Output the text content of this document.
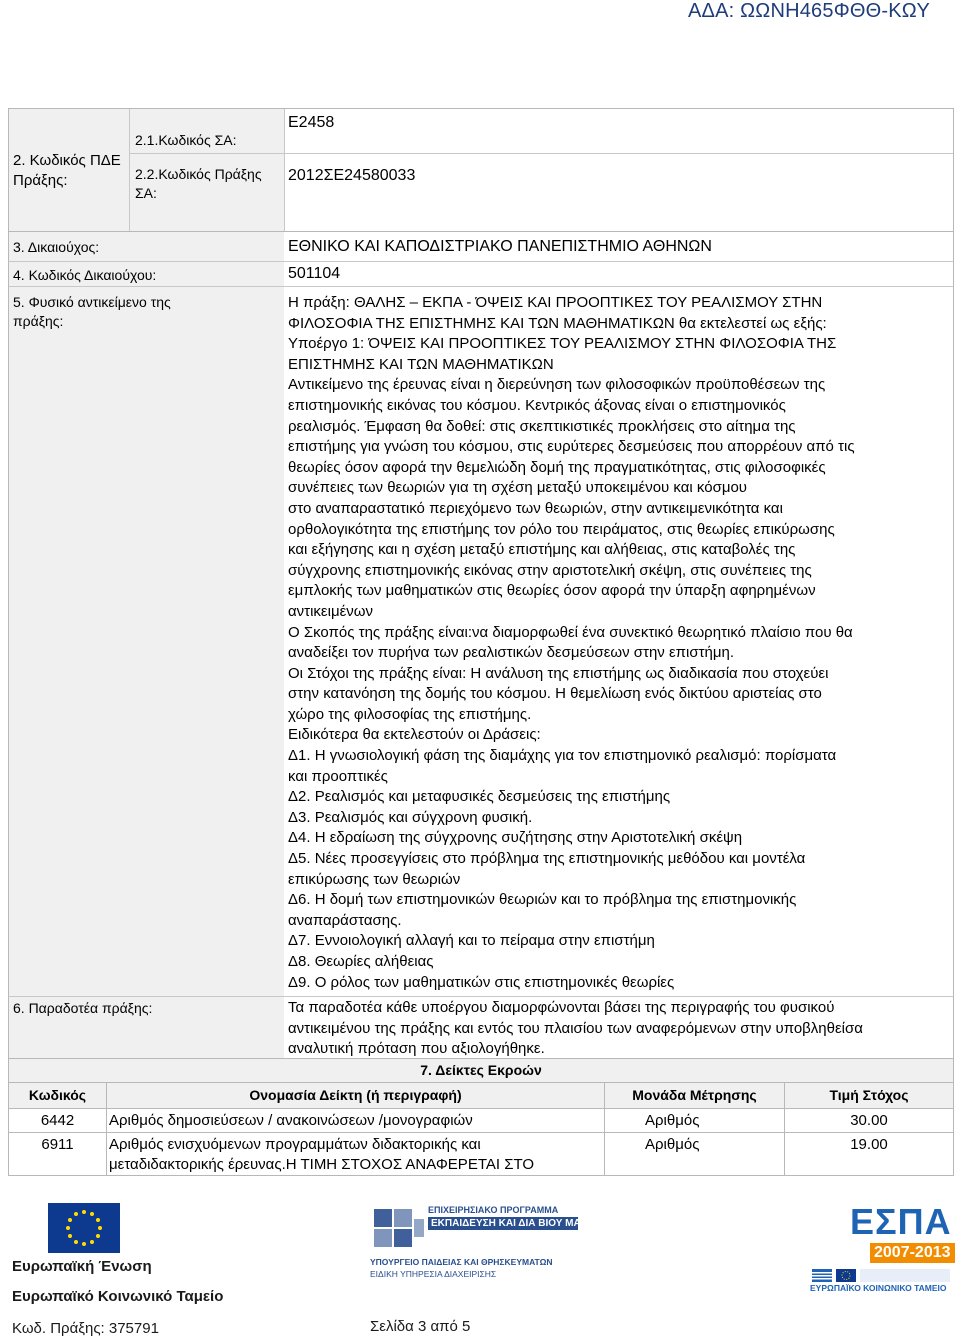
ΑΔΑ: ΩΩΝΗ465ΦΘΘ-ΚΩΥ
2. Κωδικός ΠΔΕ Πράξης:
2.1.Κωδικός ΣΑ:
Ε2458
2.2.Κωδικός Πράξης ΣΑ:
2012ΣΕ24580033
3. Δικαιούχος:	ΕΘΝΙΚΟ ΚΑΙ ΚΑΠΟΔΙΣΤΡΙΑΚΟ ΠΑΝΕΠΙΣΤΗΜΙΟ ΑΘΗΝΩΝ
4. Κωδικός Δικαιούχου:	501104
5. Φυσικό αντικείμενο της πράξης:

Η πράξη: ΘΑΛΗΣ – ΕΚΠΑ - ΌΨΕΙΣ ΚΑΙ ΠΡΟΟΠΤΙΚΕΣ ΤΟΥ ΡΕΑΛΙΣΜΟΥ ΣΤΗΝ

ΦΙΛΟΣΟΦΙΑ ΤΗΣ ΕΠΙΣΤΗΜΗΣ ΚΑΙ ΤΩΝ ΜΑΘΗΜΑΤΙΚΩΝ θα εκτελεστεί ως εξής:

Υποέργο 1: ΌΨΕΙΣ ΚΑΙ ΠΡΟΟΠΤΙΚΕΣ ΤΟΥ ΡΕΑΛΙΣΜΟΥ ΣΤΗΝ ΦΙΛΟΣΟΦΙΑ ΤΗΣ

ΕΠΙΣΤΗΜΗΣ ΚΑΙ ΤΩΝ ΜΑΘΗΜΑΤΙΚΩΝ

Αντικείμενο της έρευνας είναι η διερεύνηση των φιλοσοφικών προϋποθέσεων της

επιστημονικής εικόνας του κόσμου. Κεντρικός άξονας είναι ο επιστημονικός

ρεαλισμός. Έμφαση θα δοθεί: στις σκεπτικιστικές προκλήσεις στο αίτημα της

επιστήμης για γνώση του κόσμου, στις ευρύτερες δεσμεύσεις που απορρέουν από τις

θεωρίες όσον αφορά την θεμελιώδη δομή της πραγματικότητας, στις φιλοσοφικές

συνέπειες των θεωριών για τη σχέση μεταξύ υποκειμένου και κόσμου

στο αναπαραστατικό περιεχόμενο των θεωριών, στην αντικειμενικότητα και

ορθολογικότητα της επιστήμης τον ρόλο του πειράματος, στις θεωρίες επικύρωσης

και εξήγησης και η σχέση μεταξύ επιστήμης και αλήθειας, στις καταβολές της

σύγχρονης επιστημονικής εικόνας στην αριστοτελική σκέψη, στις συνέπειες της

εμπλοκής των μαθηματικών στις θεωρίες όσον αφορά την ύπαρξη αφηρημένων

αντικειμένων

Ο Σκοπός της πράξης είναι:να διαμορφωθεί ένα συνεκτικό θεωρητικό πλαίσιο που θα

αναδείξει τον πυρήνα των ρεαλιστικών δεσμεύσεων στην επιστήμη.

Οι Στόχοι της πράξης είναι: Η ανάλυση της επιστήμης ως διαδικασία που στοχεύει

στην κατανόηση της δομής του κόσμου. Η θεμελίωση ενός δικτύου αριστείας στο

χώρο της φιλοσοφίας της επιστήμης.

Ειδικότερα θα εκτελεστούν οι Δράσεις:

Δ1. Η γνωσιολογική φάση της διαμάχης για τον επιστημονικό ρεαλισμό: πορίσματα

και προοπτικές

Δ2. Ρεαλισμός και μεταφυσικές δεσμεύσεις της επιστήμης

Δ3. Ρεαλισμός και σύγχρονη φυσική.

Δ4. Η εδραίωση της σύγχρονης συζήτησης στην Αριστοτελική σκέψη

Δ5. Νέες προσεγγίσεις στο πρόβλημα της επιστημονικής μεθόδου και μοντέλα

επικύρωσης των θεωριών

Δ6. Η δομή των επιστημονικών θεωριών και το πρόβλημα της επιστημονικής

αναπαράστασης.

Δ7. Εννοιολογική αλλαγή και το πείραμα στην επιστήμη

Δ8. Θεωρίες αλήθειας

Δ9. Ο ρόλος των μαθηματικών στις επιστημονικές θεωρίες

6. Παραδοτέα πράξης:	Τα παραδοτέα κάθε υποέργου διαμορφώνονται βάσει της περιγραφής του φυσικού

αντικειμένου της πράξης και εντός του πλαισίου των αναφερόμενων στην υποβληθείσα

αναλυτική πρόταση που αξιολογήθηκε.

7. Δείκτες Εκροών			
Κωδικός	Ονομασία Δείκτη (ή περιγραφή)	Μονάδα Μέτρησης	Τιμή Στόχος
6442	Αριθμός δημοσιεύσεων / ανακοινώσεων /μονογραφιών	Αριθμός	30.00
6911	Αριθμός ενισχυόμενων προγραμμάτων διδακτορικής και
μεταδιδακτορικής έρευνας.Η ΤΙΜΗ ΣΤΟΧΟΣ ΑΝΑΦΕΡΕΤΑΙ ΣΤΟ	Αριθμός	19.00
Ευρωπαϊκή Ένωση
Ευρωπαϊκό Κοινωνικό Ταμείο
Κωδ. Πράξης: 375791	Σελίδα 3 από 5
ΕΠΙΧΕΙΡΗΣΙΑΚΟ ΠΡΟΓΡΑΜΜΑ
ΕΚΠΑΙΔΕΥΣΗ ΚΑΙ ΔΙΑ ΒΙΟΥ ΜΑΘΗΣΗ
ΥΠΟΥΡΓΕΙΟ ΠΑΙΔΕΙΑΣ ΚΑΙ ΘΡΗΣΚΕΥΜΑΤΩΝ
ΕΙΔΙΚΗ ΥΠΗΡΕΣΙΑ ΔΙΑΧΕΙΡΙΣΗΣ
ΕΣΠΑ
2007-2013
ΕΥΡΩΠΑΪΚΟ ΚΟΙΝΩΝΙΚΟ ΤΑΜΕΙΟ
